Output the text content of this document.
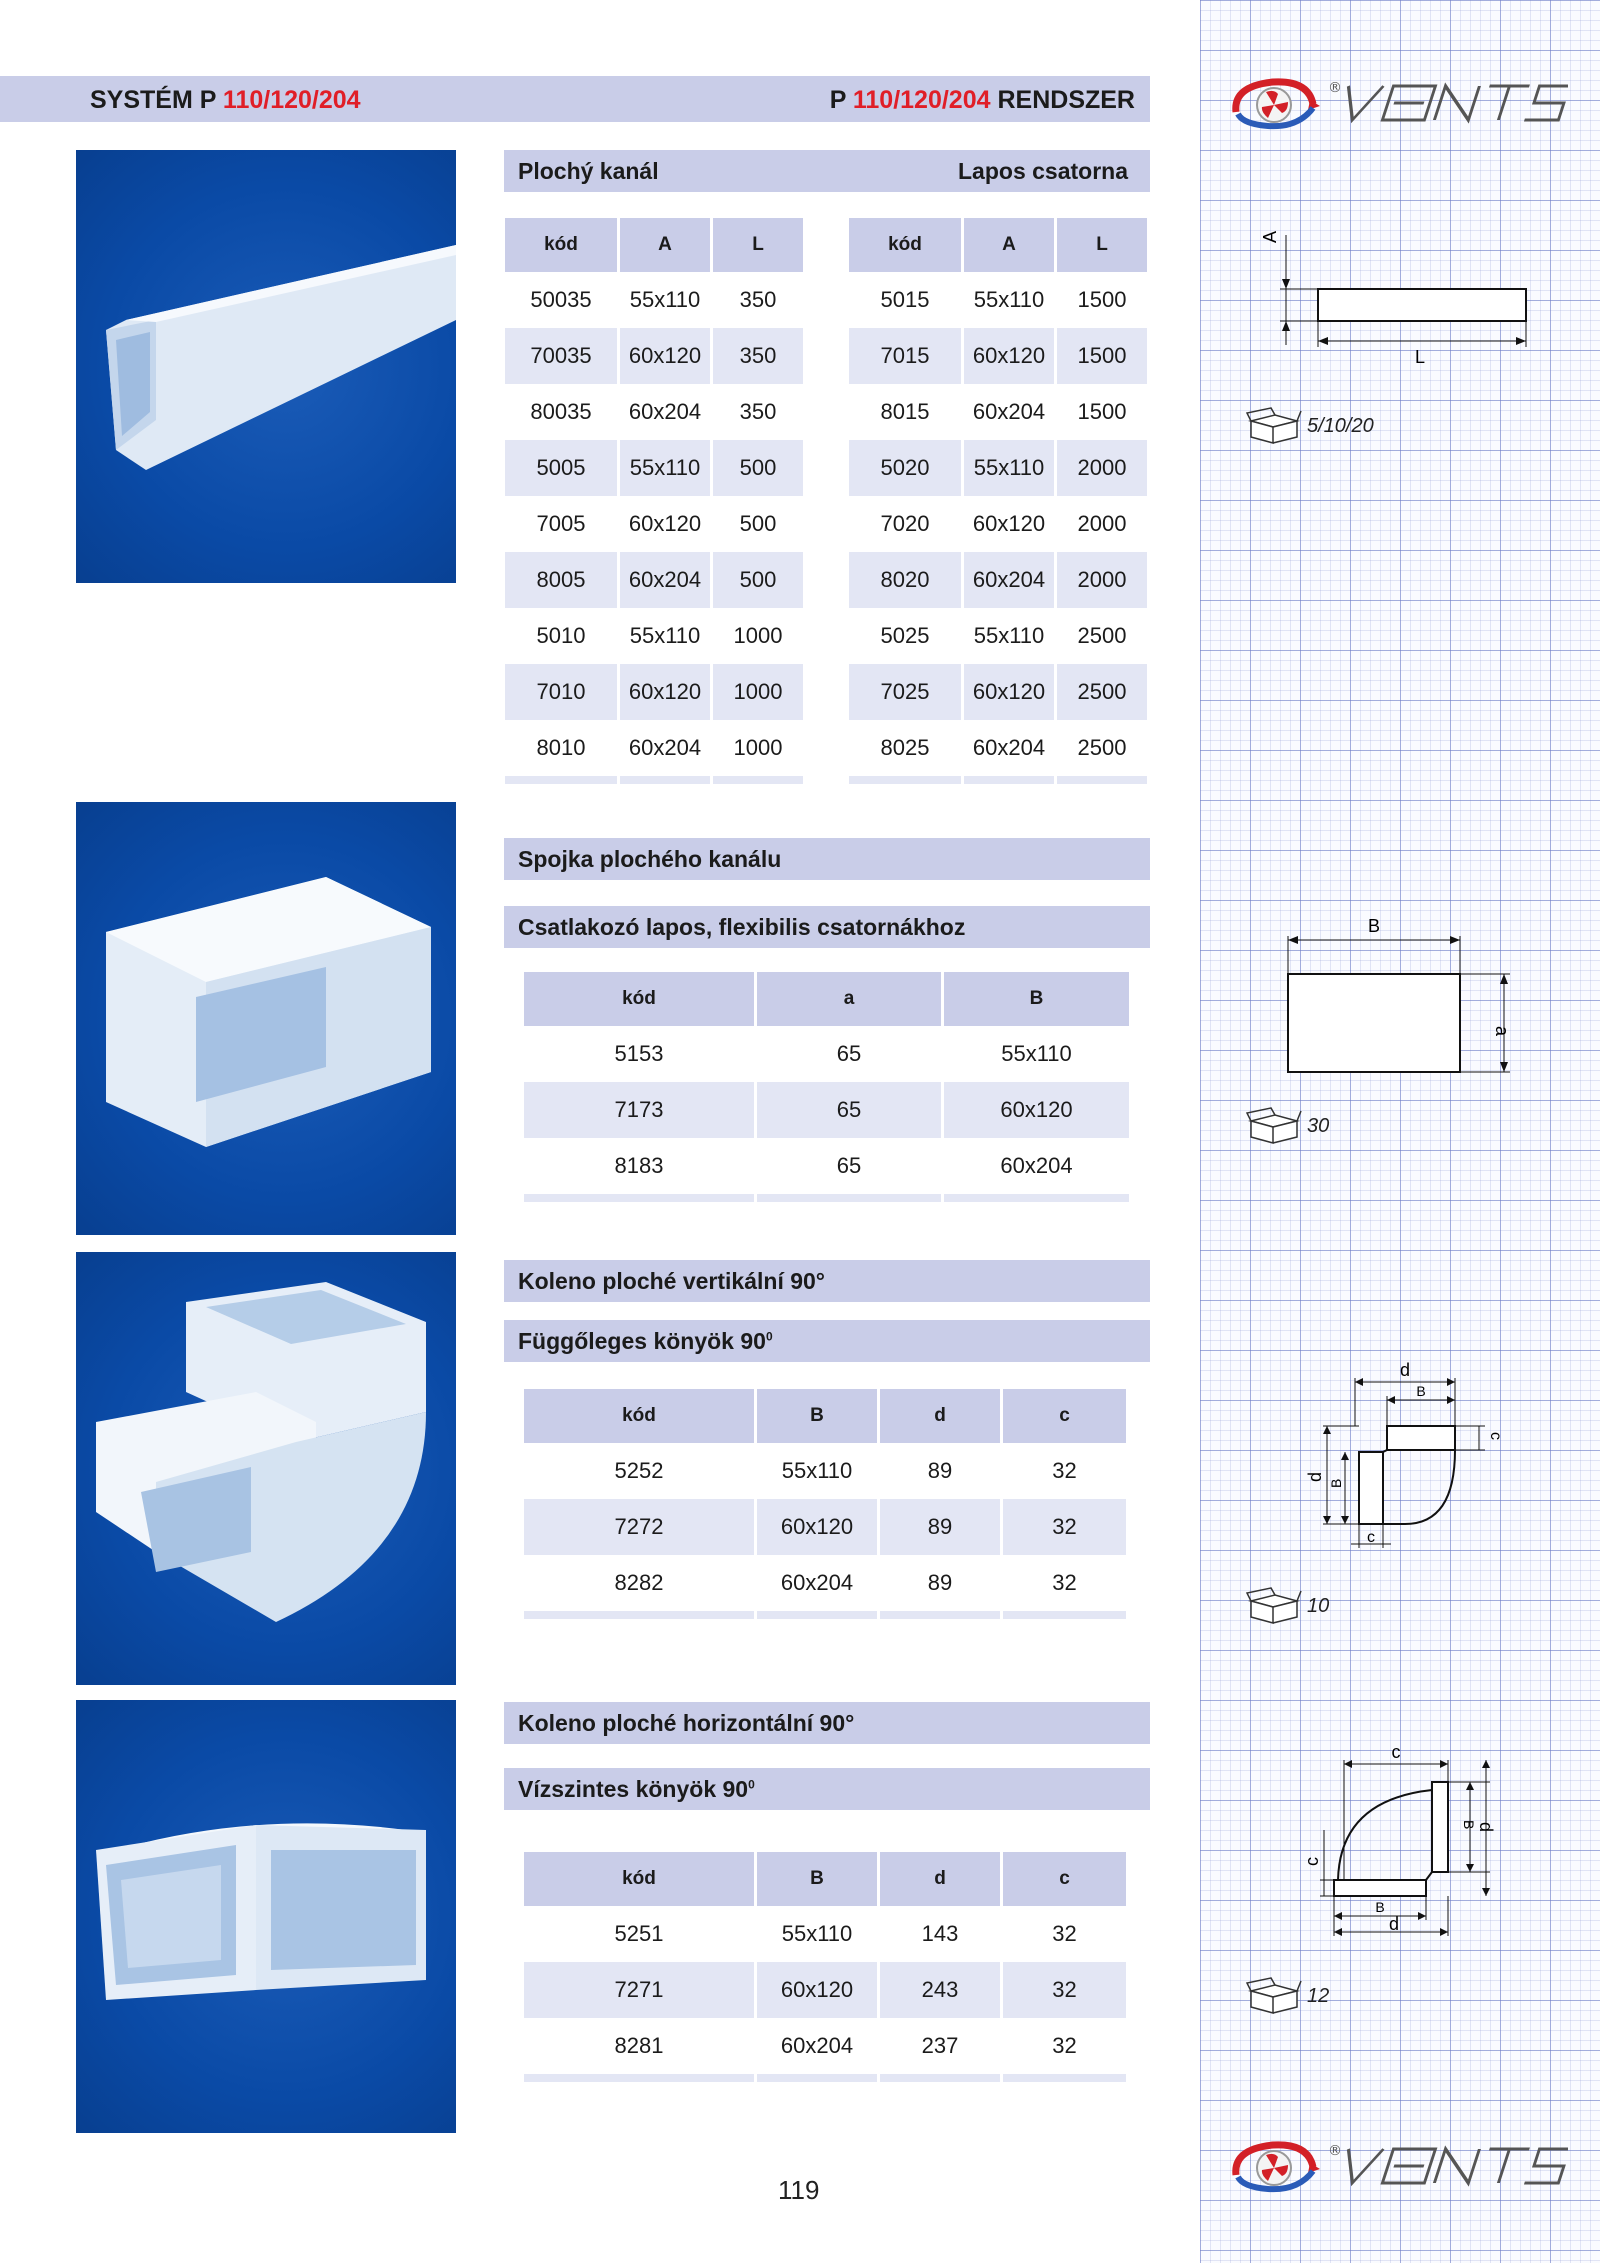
SYSTÉM P 110/120/204	P 110/120/204 RENDSZER	®
®
Plochý kanál	Lapos csatorna
kód	A	L
50035	55x110	350
70035	60x120	350
80035	60x204	350
5005	55x110	500
7005	60x120	500
8005	60x204	500
5010	55x110	1000
7010	60x120	1000
8010	60x204	1000

kód	A	L
5015	55x110	1500
7015	60x120	1500
8015	60x204	1500
5020	55x110	2000
7020	60x120	2000
8020	60x204	2000
5025	55x110	2500
7025	60x120	2500
8025	60x204	2500

A
L
5/10/20
Spojka plochého kanálu
Csatlakozó lapos, flexibilis csatornákhoz
kód	a	B
5153	65	55x110
7173	65	60x120
8183	65	60x204

B
a
30
Koleno ploché vertikální 90°
Függőleges könyök $90^0$
kód	B	d	c
5252	55x110	89	32
7272	60x120	89	32
8282	60x204	89	32

d
B
c
d
B
c
10
Koleno ploché horizontální 90°
Vízszintes könyök $90^0$
kód	B	d	c
5251	55x110	143	32
7271	60x120	243	32
8281	60x204	237	32

c
B d
c
B
d
12
119
